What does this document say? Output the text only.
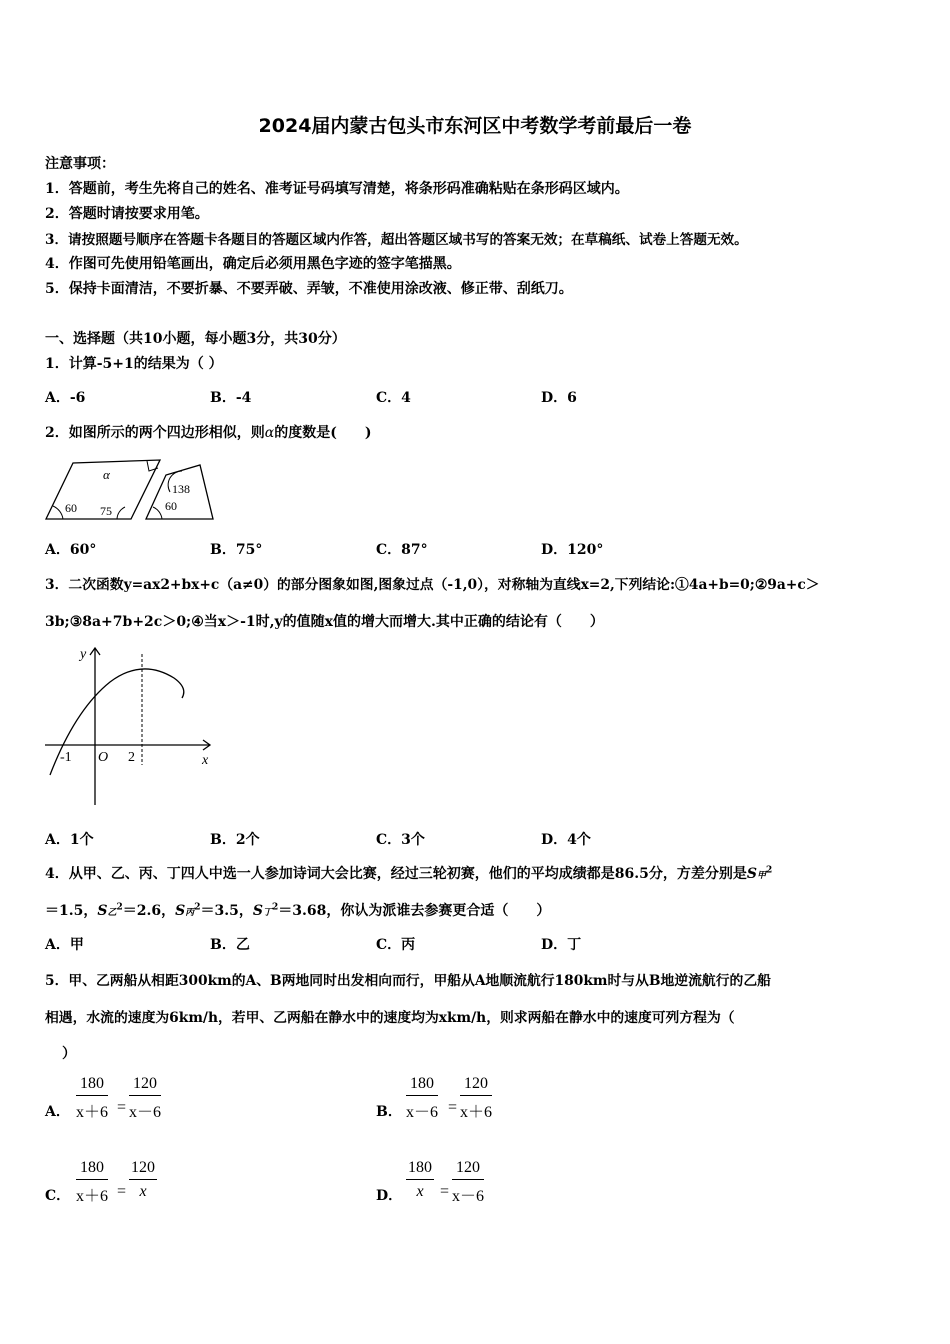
2024届内蒙古包头市东河区中考数学考前最后一卷
注意事项：
1．答题前，考生先将自己的姓名、准考证号码填写清楚，将条形码准确粘贴在条形码区域内。
2．答题时请按要求用笔。
3．请按照题号顺序在答题卡各题目的答题区域内作答，超出答题区域书写的答案无效；在草稿纸、试卷上答题无效。
4．作图可先使用铅笔画出，确定后必须用黑色字迹的签字笔描黑。
5．保持卡面清洁，不要折暴、不要弄破、弄皱，不准使用涂改液、修正带、刮纸刀。
一、选择题（共10小题，每小题3分，共30分）
1．计算-5+1的结果为（ ）
A．-6	B．-4	C．4	D．6
2．如图所示的两个四边形相似，则α的度数是(　　)
α
60 75
138
60
A．60°	B．75°	C．87°	D．120°
3．二次函数y=ax2+bx+c（a≠0）的部分图象如图,图象过点（-1,0），对称轴为直线x=2,下列结论:①4a+b=0;②9a+c＞
3b;③8a+7b+2c＞0;④当x＞-1时,y的值随x值的增大而增大.其中正确的结论有（　　）
y
x
-1 O 2
A．1个	B．2个	C．3个	D．4个
4．从甲、乙、丙、丁四人中选一人参加诗词大会比赛，经过三轮初赛，他们的平均成绩都是86.5分，方差分别是S甲$^2$
＝1.5，S乙$^2$＝2.6，S丙$^2$＝3.5，S丁$^2$＝3.68，你认为派谁去参赛更合适（　　）
A．甲	B．乙	C．丙	D．丁
5．甲、乙两船从相距300km的A、B两地同时出发相向而行，甲船从A地顺流航行180km时与从B地逆流航行的乙船
相遇，水流的速度为6km/h，若甲、乙两船在静水中的速度均为xkm/h，则求两船在静水中的速度可列方程为（
）
A． $\frac{180}{x+6} = \frac{120}{x-6}$	B． $\frac{180}{x-6} = \frac{120}{x+6}$
C． $\frac{180}{x+6} = \frac{120}{x}$	D． $\frac{180}{x} = \frac{120}{x-6}$
